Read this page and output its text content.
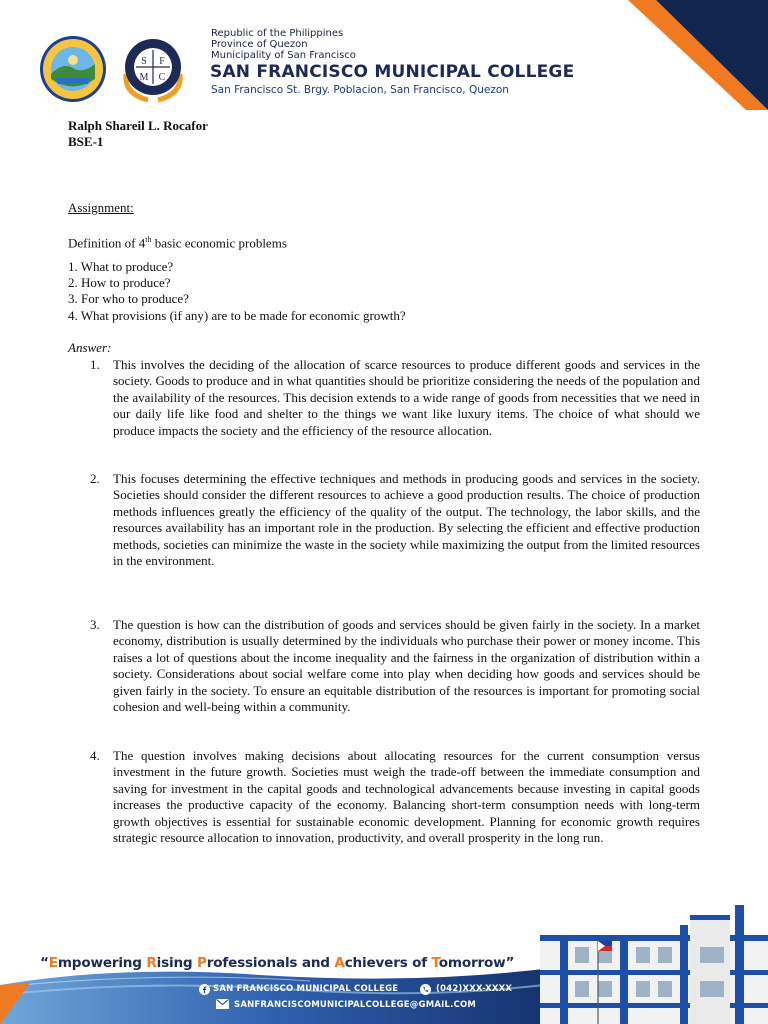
S F
M C
Republic of the Philippines
Province of Quezon
Municipality of San Francisco
SAN FRANCISCO MUNICIPAL COLLEGE
San Francisco St. Brgy. Poblacion, San Francisco, Quezon
Ralph Shareil L. Rocafor
BSE-1
Assignment:
Definition of 4th basic economic problems
1. What to produce?
2. How to produce?
3. For who to produce?
4. What provisions (if any) are to be made for economic growth?
Answer:
1. This involves the deciding of the allocation of scarce resources to produce different goods and services in the society. Goods to produce and in what quantities should be prioritize considering the needs of the population and the availability of the resources. This decision extends to a wide range of goods from necessities that we need in our daily life like food and shelter to the things we want like luxury items. The choice of what should we produce impacts the society and the efficiency of the resource allocation.
2. This focuses determining the effective techniques and methods in producing goods and services in the society. Societies should consider the different resources to achieve a good production results. The choice of production methods influences greatly the efficiency of the quality of the output. The technology, the labor skills, and the resources availability has an important role in the production. By selecting the efficient and effective production methods, societies can minimize the waste in the society while maximizing the output from the limited resources in the environment.
3. The question is how can the distribution of goods and services should be given fairly in the society. In a market economy, distribution is usually determined by the individuals who purchase their power or money income. This raises a lot of questions about the income inequality and the fairness in the organization of distribution within a society. Considerations about social welfare come into play when deciding how goods and services should be given fairly in the society. To ensure an equitable distribution of the resources is important for promoting social cohesion and well-being within a community.
4. The question involves making decisions about allocating resources for the current consumption versus investment in the future growth. Societies must weigh the trade-off between the immediate consumption and saving for investment in the capital goods and technological advancements because investing in capital goods increases the productive capacity of the economy. Balancing short-term consumption needs with long-term growth objectives is essential for sustainable economic development. Planning for economic growth requires strategic resource allocation to innovation, productivity, and overall prosperity in the long run.
“Empowering Rising Professionals and Achievers of Tomorrow”
SAN FRANCISCO MUNICIPAL COLLEGE	(042)XXX-XXXX
SANFRANCISCOMUNICIPALCOLLEGE@GMAIL.COM
